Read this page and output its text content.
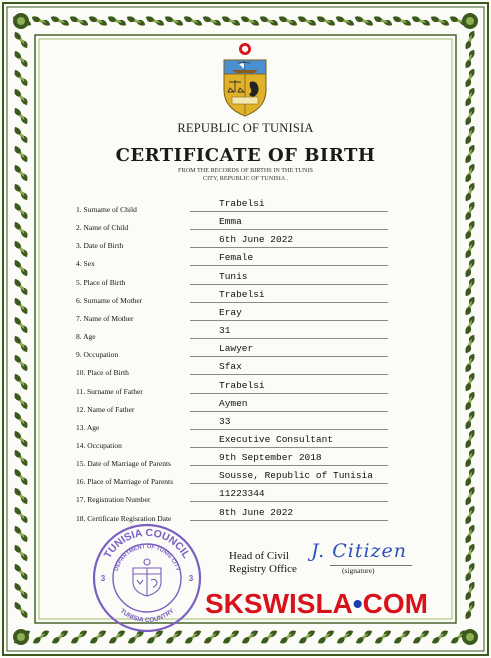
REPUBLIC OF TUNISIA
CERTIFICATE OF BIRTH
FROM THE RECORDS OF BIRTHS IN THE TUNIS
CITY, REPUBLIC OF TUNISIA .
1. Surname of Child
Trabelsi
2. Name of Child
Emma
3. Date of Birth
6th June 2022
4. Sex
Female
5. Place of Birth
Tunis
6. Surname of Mother
Trabelsi
7. Name of Mother
Eray
8. Age
31
9. Occupation
Lawyer
10. Place of Birth
Sfax
11. Surname of Father
Trabelsi
12. Name of Father
Aymen
13. Age
33
14. Occupation
Executive Consultant
15. Date of Marriage of Parents
9th September 2018
16. Place of Marriage of Parents
Sousse, Republic of Tunisia
17. Registration Number
11223344
18. Certificate Regisration Date
8th June 2022
TUNISIA COUNCIL
DEPARTMENT OF TUNIS CITY
TUNISIA COUNTRY
3	3
Head of Civil
Registry Office
J. Citizen
(signature)
SKSWISLA•COM
